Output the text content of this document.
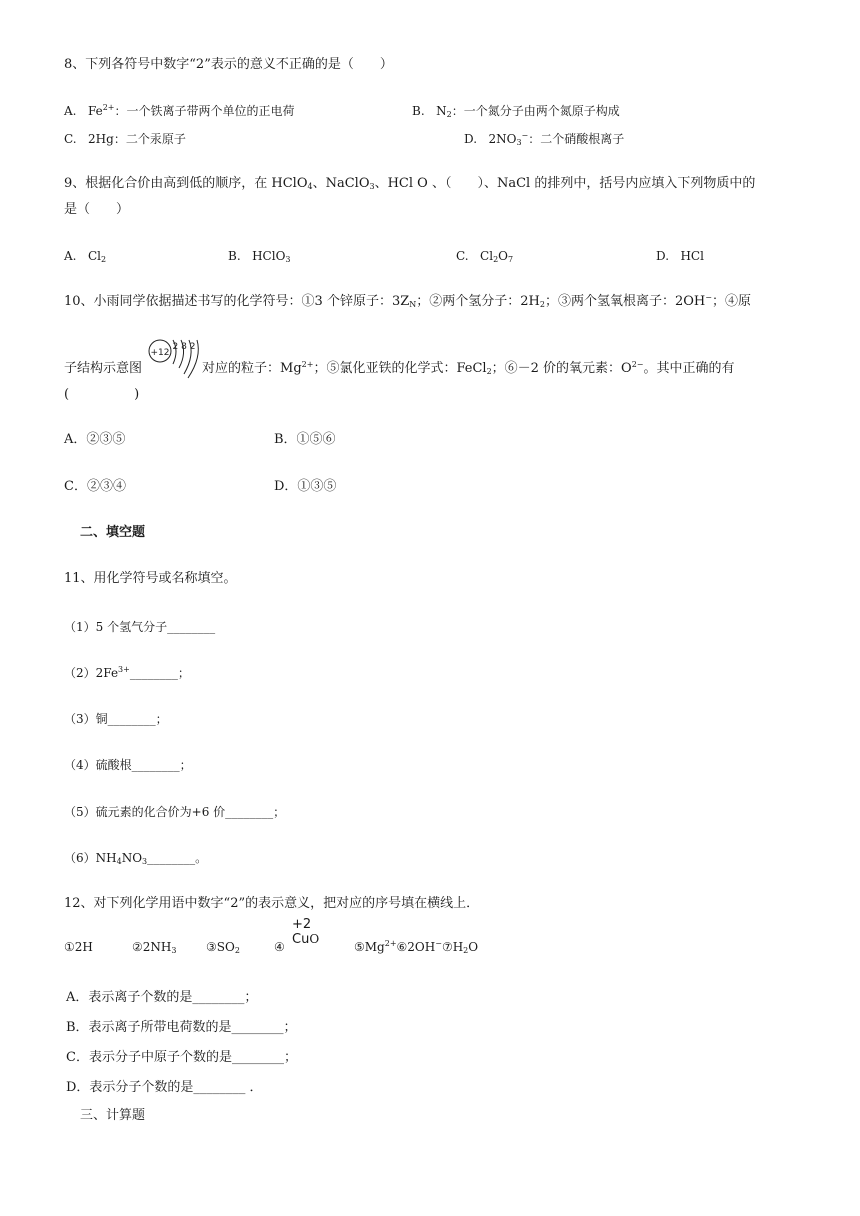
8、下列各符号中数字“2”表示的意义不正确的是（　　）
A. $Fe^{2+}$：一个铁离子带两个单位的正电荷	B. $N_2$：一个氮分子由两个氮原子构成
C. 2Hg：二个汞原子	D. $2NO_3^-$：二个硝酸根离子
9、根据化合价由高到低的顺序，在 HClO$_4$、NaClO$_3$、HCl O 、（　　）、NaCl 的排列中，括号内应填入下列物质中的
是（　　）
A. $Cl_2$	B. HClO$_3$	C. $Cl_2O_7$	D. HCl
10、小雨同学依据描述书写的化学符号：①3 个锌原子：$3Z_N$；②两个氢分子：$2H_2$；③两个氢氧根离子：2OH−；④原
+12
2 8 2
子结构示意图	对应的粒子：$Mg^{2+}$；⑤氯化亚铁的化学式：FeCl$_2$；⑥－2 价的氧元素：$O^{2-}$。其中正确的有
(　　　　　)
A．②③⑤	B．①⑤⑥
C．②③④	D．①③⑤
二、填空题
11、用化学符号或名称填空。
（1）5 个氢气分子________
$(2)2Fe^{3+}\_\_\_\_\_\_\_\_$；
（3）铜________；
（4）硫酸根________；
（5）硫元素的化合价为+6 价________；
$(6)NH_4NO_3\_\_\_\_\_\_\_\_$。
12、对下列化学用语中数字“2”的表示意义，把对应的序号填在横线上．
①2H	$②2NH_3$ $③SO_2$	④
+2
CuO
$⑤Mg^{2+}⑥2OH^-⑦H_2O$
A．表示离子个数的是________；
B．表示离子所带电荷数的是________；
C．表示分子中原子个数的是________；
D．表示分子个数的是________ ．
三、计算题
